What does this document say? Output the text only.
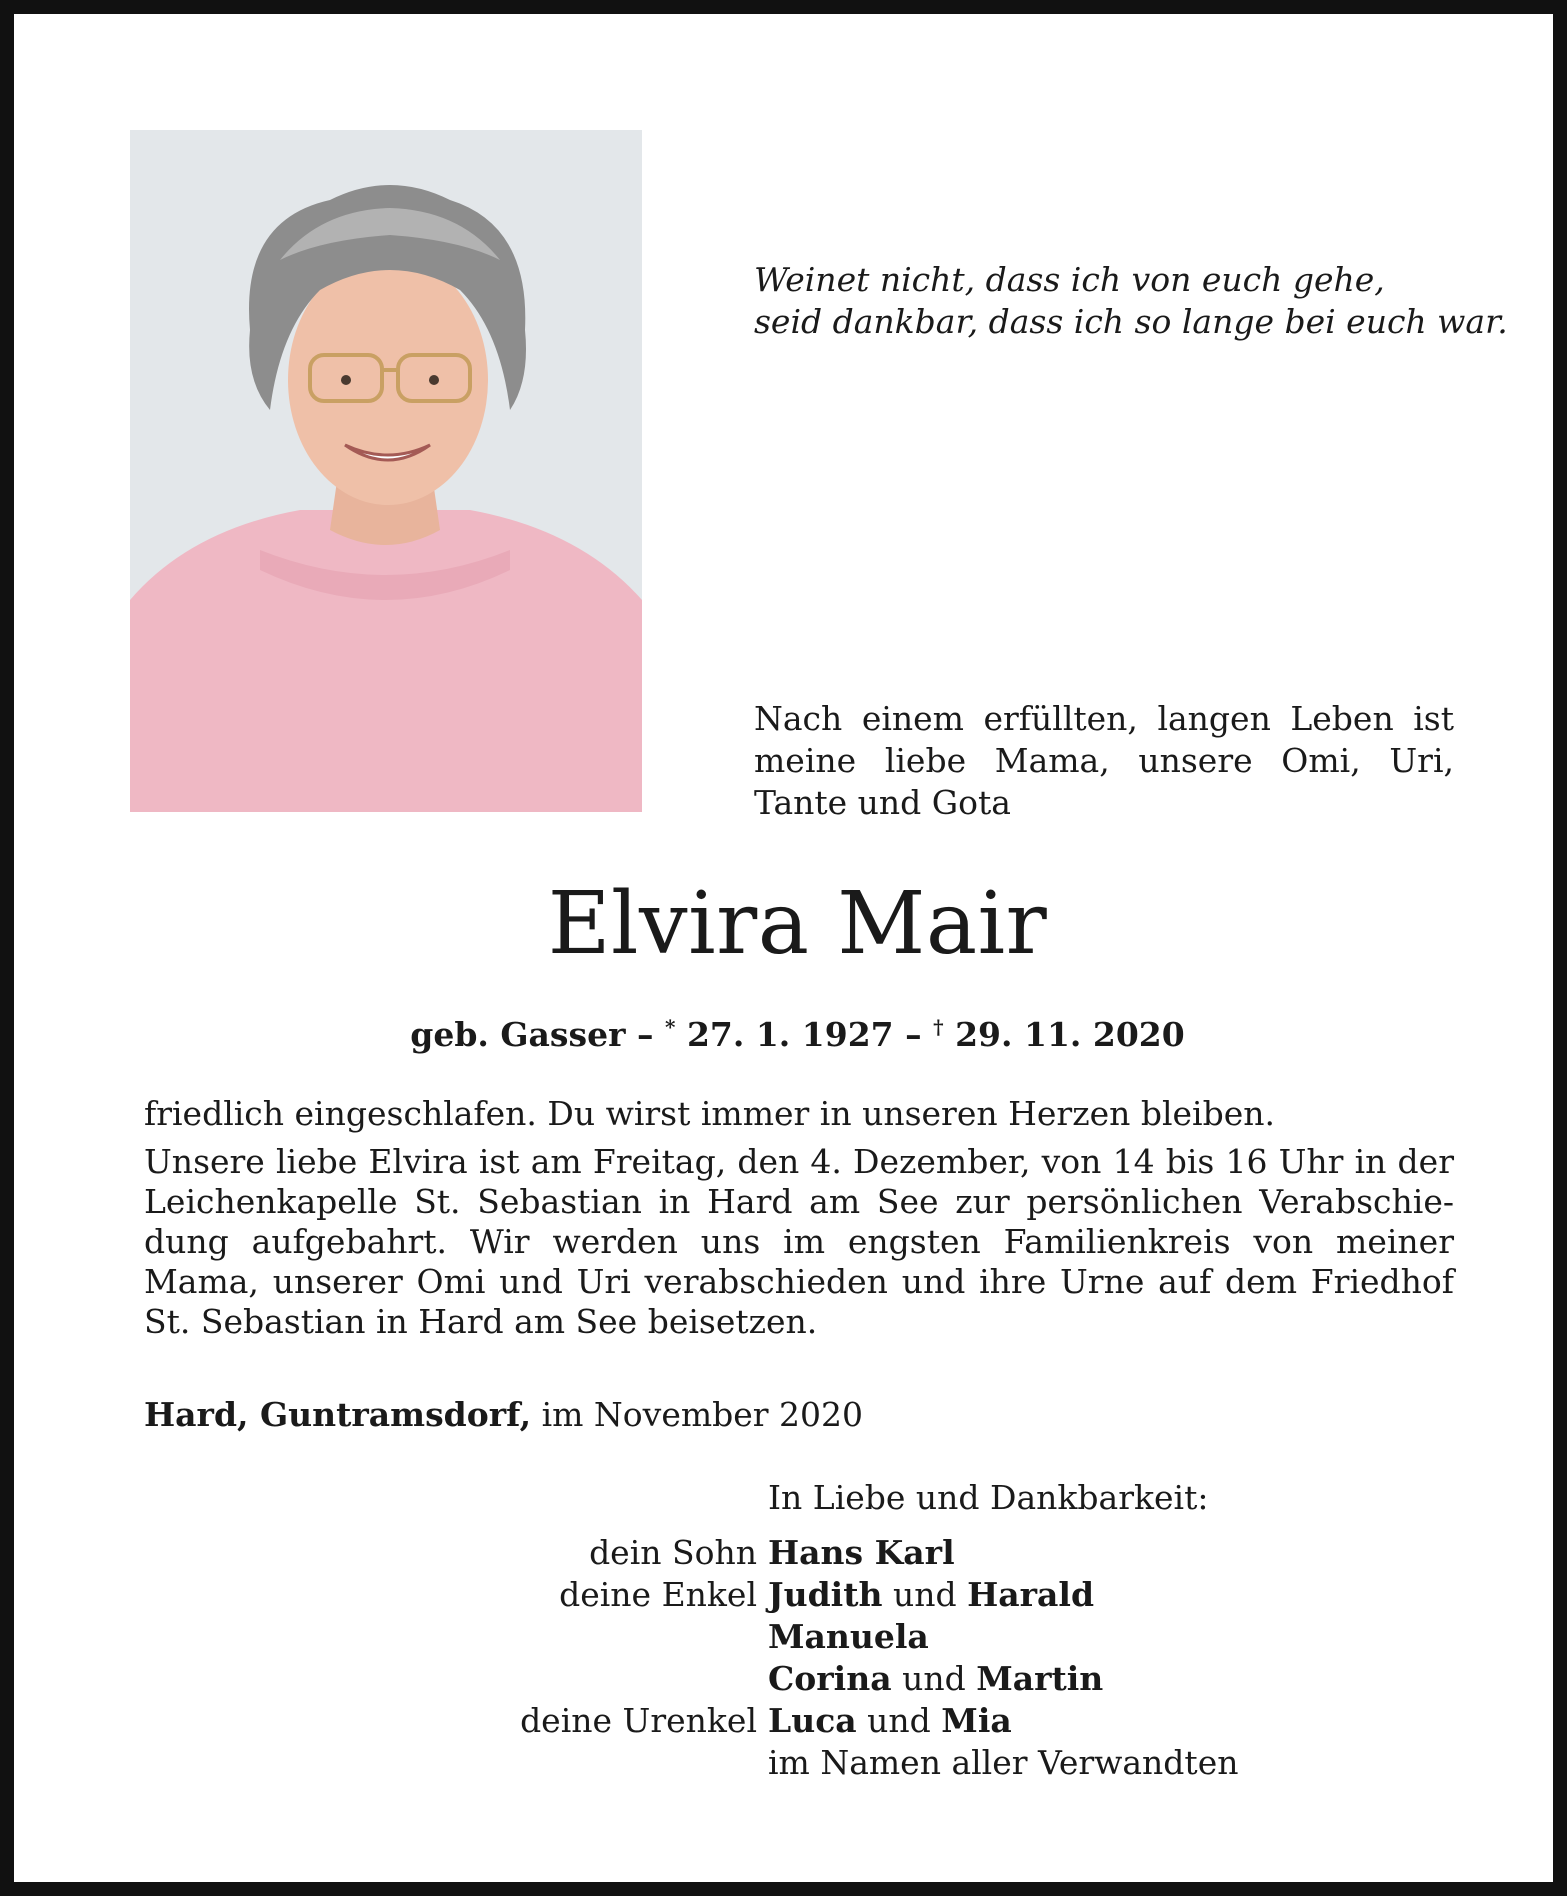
Weinet nicht, dass ich von euch gehe,
seid dankbar, dass ich so lange bei euch war.
Nach einem erfüllten, langen Leben ist
meine liebe Mama, unsere Omi, Uri,
Tante und Gota
Elvira Mair
geb. Gasser – * 27. 1. 1927 – † 29. 11. 2020
friedlich eingeschlafen. Du wirst immer in unseren Herzen bleiben.
Unsere liebe Elvira ist am Freitag, den 4. Dezember, von 14 bis 16 Uhr in der
Leichenkapelle St. Sebastian in Hard am See zur persönlichen Verabschie-
dung aufgebahrt. Wir werden uns im engsten Familienkreis von meiner
Mama, unserer Omi und Uri verabschieden und ihre Urne auf dem Friedhof
St. Sebastian in Hard am See beisetzen.
Hard, Guntramsdorf, im November 2020
In Liebe und Dankbarkeit:
dein Sohn Hans Karl
deine Enkel Judith und Harald
Manuela
Corina und Martin
deine Urenkel Luca und Mia
im Namen aller Verwandten
